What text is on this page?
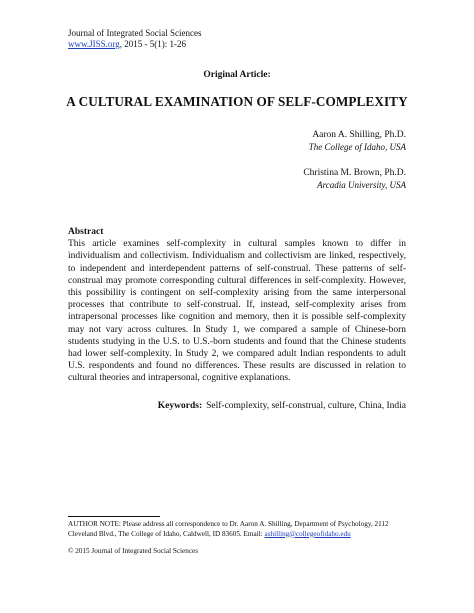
Journal of Integrated Social Sciences
www.JISS.org, 2015 - 5(1): 1-26
Original Article:
A CULTURAL EXAMINATION OF SELF-COMPLEXITY
Aaron A. Shilling, Ph.D.
The College of Idaho, USA
Christina M. Brown, Ph.D.
Arcadia University, USA
Abstract

This article examines self-complexity in cultural samples known to differ in individualism and collectivism. Individualism and collectivism are linked, respectively, to independent and interdependent patterns of self-construal. These patterns of self-construal may promote corresponding cultural differences in self-complexity. However, this possibility is contingent on self-complexity arising from the same interpersonal processes that contribute to self-construal. If, instead, self-complexity arises from intrapersonal processes like cognition and memory, then it is possible self-complexity may not vary across cultures. In Study 1, we compared a sample of Chinese-born students studying in the U.S. to U.S.-born students and found that the Chinese students had lower self-complexity. In Study 2, we compared adult Indian respondents to adult U.S. respondents and found no differences. These results are discussed in relation to cultural theories and intrapersonal, cognitive explanations.

Keywords: Self-complexity, self-construal, culture, China, India
AUTHOR NOTE: Please address all correspondence to Dr. Aaron A. Shilling, Department of Psychology, 2112 Cleveland Blvd., The College of Idaho, Caldwell, ID 83605. Email: ashilling@collegeofidaho.edu
© 2015 Journal of Integrated Social Sciences
